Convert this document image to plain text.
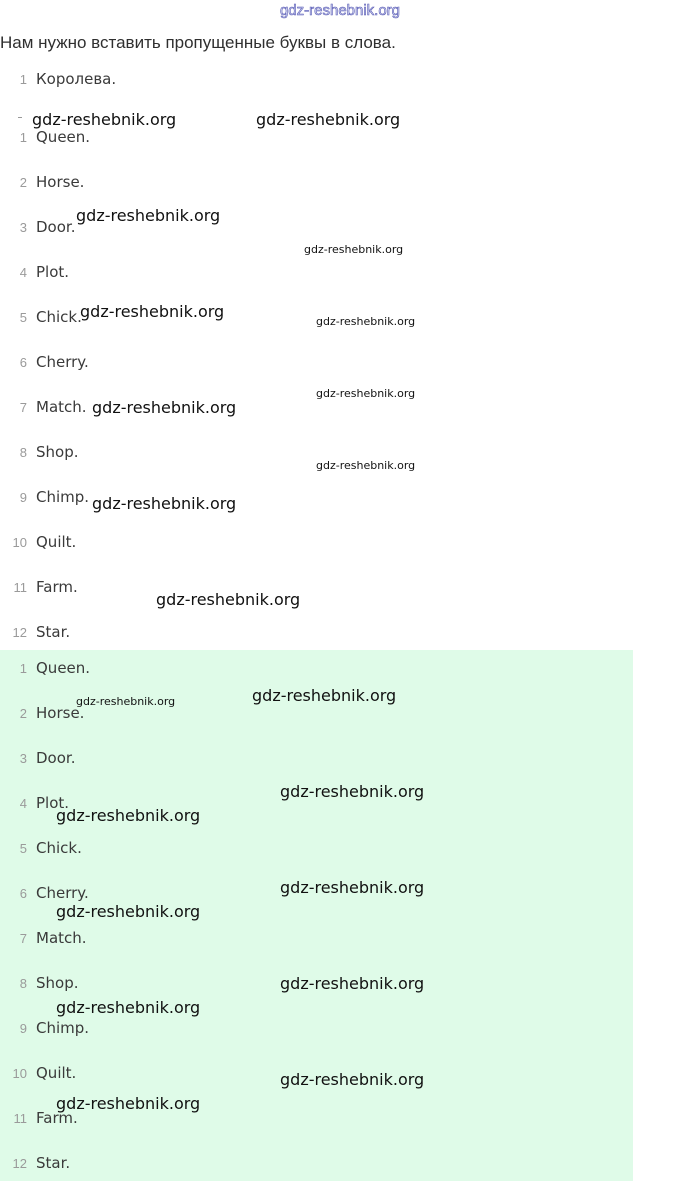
gdz-reshebnik.org
Нам нужно вставить пропущенные буквы в слова.
1 Королева.
1 Queen.
2 Horse.
3 Door.
4 Plot.
5 Chick.
6 Cherry.
7 Match.
8 Shop.
9 Chimp.
10 Quilt.
11 Farm.
12 Star.
1 Queen.
2 Horse.
3 Door.
4 Plot.
5 Chick.
6 Cherry.
7 Match.
8 Shop.
9 Chimp.
10 Quilt.
11 Farm.
12 Star.
gdz-reshebnik.org	gdz-reshebnik.org
gdz-reshebnik.org
gdz-reshebnik.org
gdz-reshebnik.org
gdz-reshebnik.org
gdz-reshebnik.org
gdz-reshebnik.org
gdz-reshebnik.org
gdz-reshebnik.org
gdz-reshebnik.org
gdz-reshebnik.org
gdz-reshebnik.org
gdz-reshebnik.org
gdz-reshebnik.org
gdz-reshebnik.org
gdz-reshebnik.org
gdz-reshebnik.org
gdz-reshebnik.org
gdz-reshebnik.org
gdz-reshebnik.org
